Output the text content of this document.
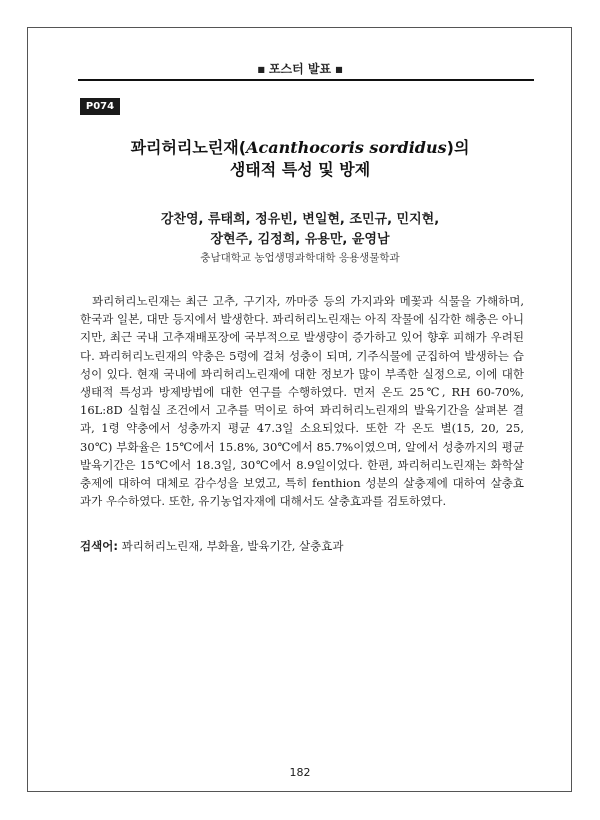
■ 포스터 발표 ■
P074
꽈리허리노린재(Acanthocoris sordidus)의
생태적 특성 및 방제
강찬영, 류태희, 정유빈, 변일현, 조민규, 민지현,
장현주, 김정희, 유용만, 윤영남
충남대학교 농업생명과학대학 응용생물학과

꽈리허리노린재는 최근 고추, 구기자, 까마중 등의 가지과와 메꽃과 식물을 가해하며, 한국과 일본, 대만 등지에서 발생한다. 꽈리허리노린재는 아직 작물에 심각한 해충은 아니지만, 최근 국내 고추재배포장에 국부적으로 발생량이 증가하고 있어 향후 피해가 우려된다. 꽈리허리노린재의 약충은 5령에 걸쳐 성충이 되며, 기주식물에 군집하여 발생하는 습성이 있다. 현재 국내에 꽈리허리노린재에 대한 정보가 많이 부족한 실정으로, 이에 대한 생태적 특성과 방제방법에 대한 연구를 수행하였다. 먼저 온도 25℃, RH 60-70%, 16L:8D 실험실 조건에서 고추를 먹이로 하여 꽈리허리노린재의 발육기간을 살펴본 결과, 1령 약충에서 성충까지 평균 47.3일 소요되었다. 또한 각 온도 별(15, 20, 25, 30℃) 부화율은 15℃에서 15.8%, 30℃에서 85.7%이였으며, 알에서 성충까지의 평균발육기간은 15℃에서 18.3일, 30℃에서 8.9일이었다. 한편, 꽈리허리노린재는 화학살충제에 대하여 대체로 감수성을 보였고, 특히 fenthion 성분의 살충제에 대하여 살충효과가 우수하였다. 또한, 유기농업자재에 대해서도 살충효과를 검토하였다.

검색어: 꽈리허리노린재, 부화율, 발육기간, 살충효과
182
